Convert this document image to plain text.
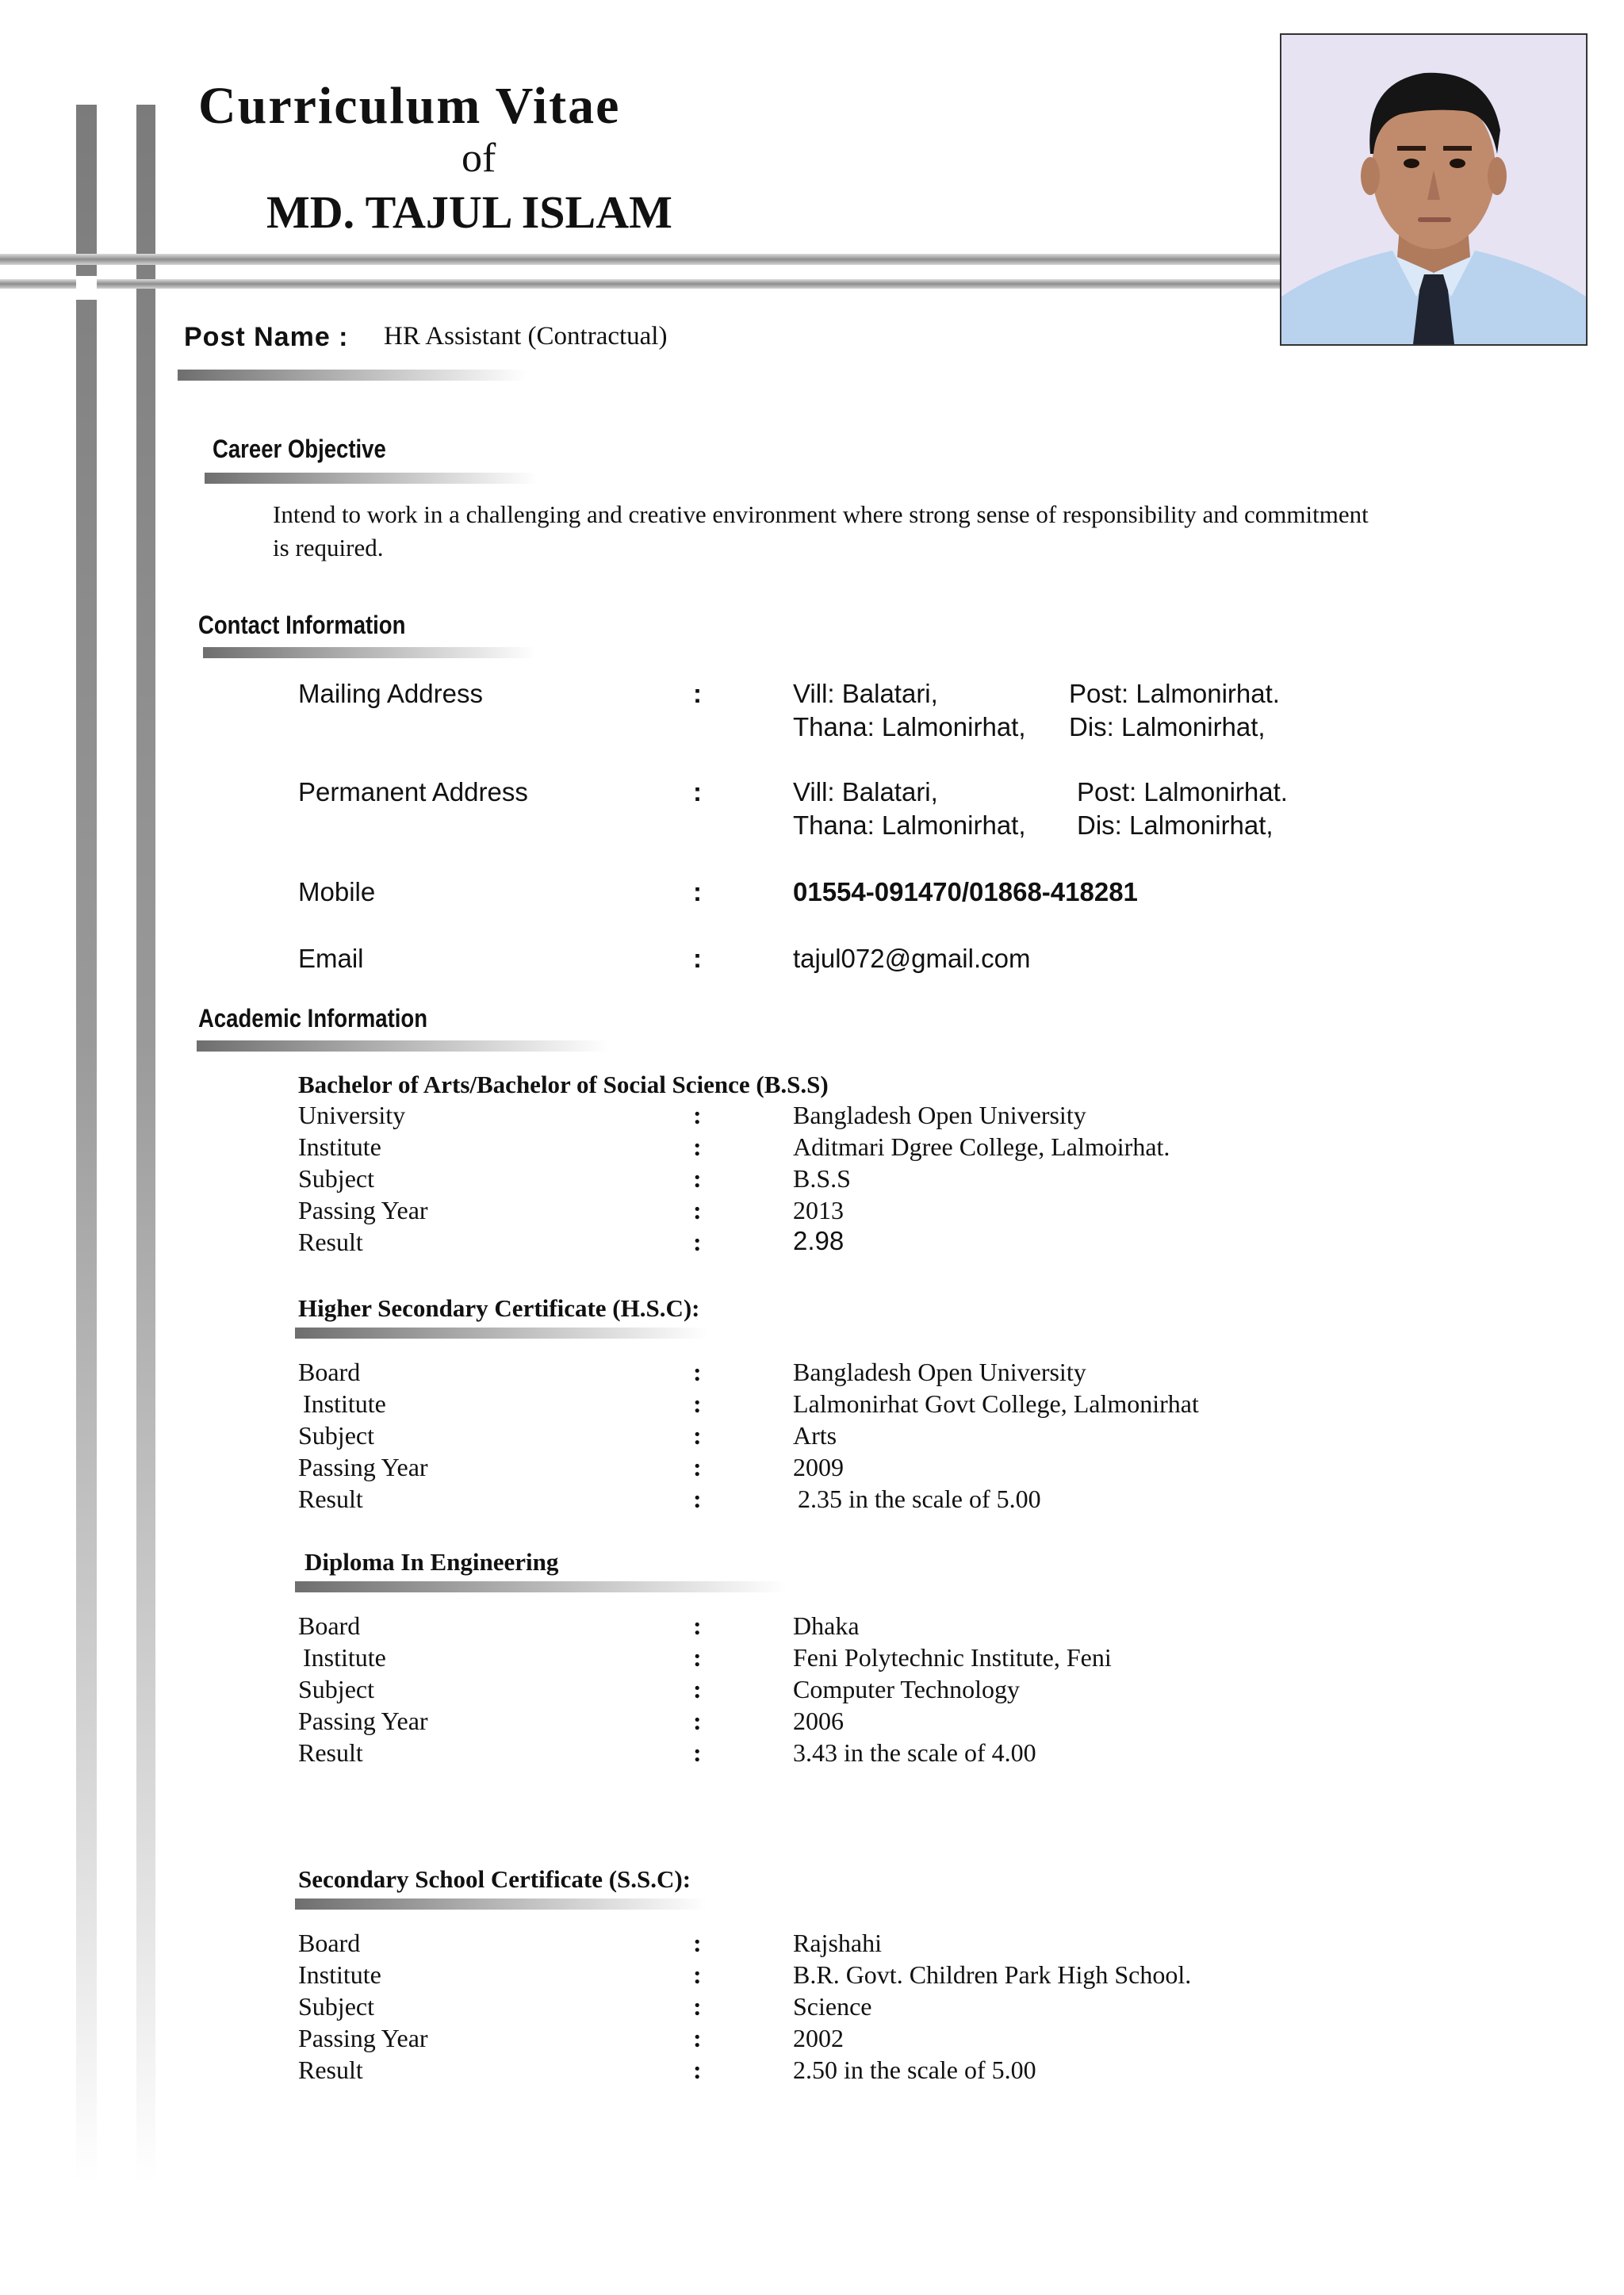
Curriculum Vitae
of
MD. TAJUL ISLAM
Post Name : HR Assistant (Contractual)
Career Objective
Intend to work in a challenging and creative environment where strong sense of responsibility and commitment
is required.
Contact Information
Mailing Address	:	Vill: Balatari,	Post: Lalmonirhat.
Thana: Lalmonirhat, Dis: Lalmonirhat,
Permanent Address	:	Vill: Balatari,	Post: Lalmonirhat.
Thana: Lalmonirhat, Dis: Lalmonirhat,
Mobile	:	01554-091470/01868-418281
Email	:	tajul072@gmail.com
Academic Information
Bachelor of Arts/Bachelor of Social Science (B.S.S)
University	:	Bangladesh Open University
Institute	:	Aditmari Dgree College, Lalmoirhat.
Subject	:	B.S.S
Passing Year	:	2013
Result	:	2.98
Higher Secondary Certificate (H.S.C):
Board	:	Bangladesh Open University
Institute	:	Lalmonirhat Govt College, Lalmonirhat
Subject	:	Arts
Passing Year	:	2009
Result	:	2.35 in the scale of 5.00
Diploma In Engineering
Board	:	Dhaka
Institute	:	Feni Polytechnic Institute, Feni
Subject	:	Computer Technology
Passing Year	:	2006
Result	:	3.43 in the scale of 4.00
Secondary School Certificate (S.S.C):
Board	:	Rajshahi
Institute	:	B.R. Govt. Children Park High School.
Subject	:	Science
Passing Year	:	2002
Result	:	2.50 in the scale of 5.00
